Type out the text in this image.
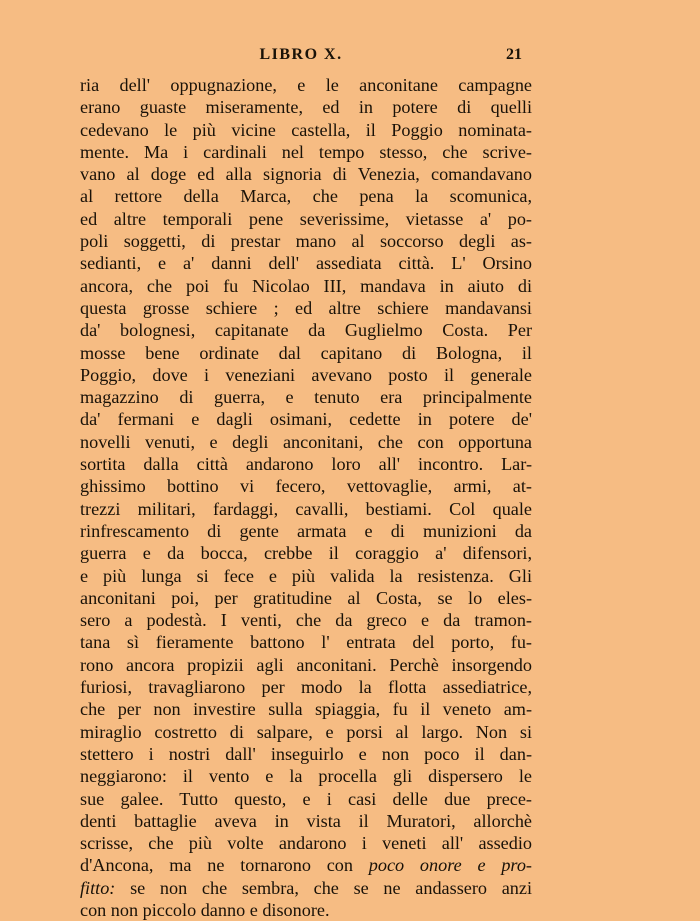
LIBRO X.	21
ria dell' oppugnazione, e le anconitane campagne
erano guaste miseramente, ed in potere di quelli
cedevano le più vicine castella, il Poggio nominata-
mente. Ma i cardinali nel tempo stesso, che scrive-
vano al doge ed alla signoria di Venezia, comandavano
al rettore della Marca, che pena la scomunica,
ed altre temporali pene severissime, vietasse a' po-
poli soggetti, di prestar mano al soccorso degli as-
sedianti, e a' danni dell' assediata città. L' Orsino
ancora, che poi fu Nicolao III, mandava in aiuto di
questa grosse schiere ; ed altre schiere mandavansi
da' bolognesi, capitanate da Guglielmo Costa. Per
mosse bene ordinate dal capitano di Bologna, il
Poggio, dove i veneziani avevano posto il generale
magazzino di guerra, e tenuto era principalmente
da' fermani e dagli osimani, cedette in potere de'
novelli venuti, e degli anconitani, che con opportuna
sortita dalla città andarono loro all' incontro. Lar-
ghissimo bottino vi fecero, vettovaglie, armi, at-
trezzi militari, fardaggi, cavalli, bestiami. Col quale
rinfrescamento di gente armata e di munizioni da
guerra e da bocca, crebbe il coraggio a' difensori,
e più lunga si fece e più valida la resistenza. Gli
anconitani poi, per gratitudine al Costa, se lo eles-
sero a podestà. I venti, che da greco e da tramon-
tana sì fieramente battono l' entrata del porto, fu-
rono ancora propizii agli anconitani. Perchè insorgendo
furiosi, travagliarono per modo la flotta assediatrice,
che per non investire sulla spiaggia, fu il veneto am-
miraglio costretto di salpare, e porsi al largo. Non si
stettero i nostri dall' inseguirlo e non poco il dan-
neggiarono: il vento e la procella gli dispersero le
sue galee. Tutto questo, e i casi delle due prece-
denti battaglie aveva in vista il Muratori, allorchè
scrisse, che più volte andarono i veneti all' assedio
d'Ancona, ma ne tornarono con poco onore e pro-
fitto: se non che sembra, che se ne andassero anzi
con non piccolo danno e disonore.
